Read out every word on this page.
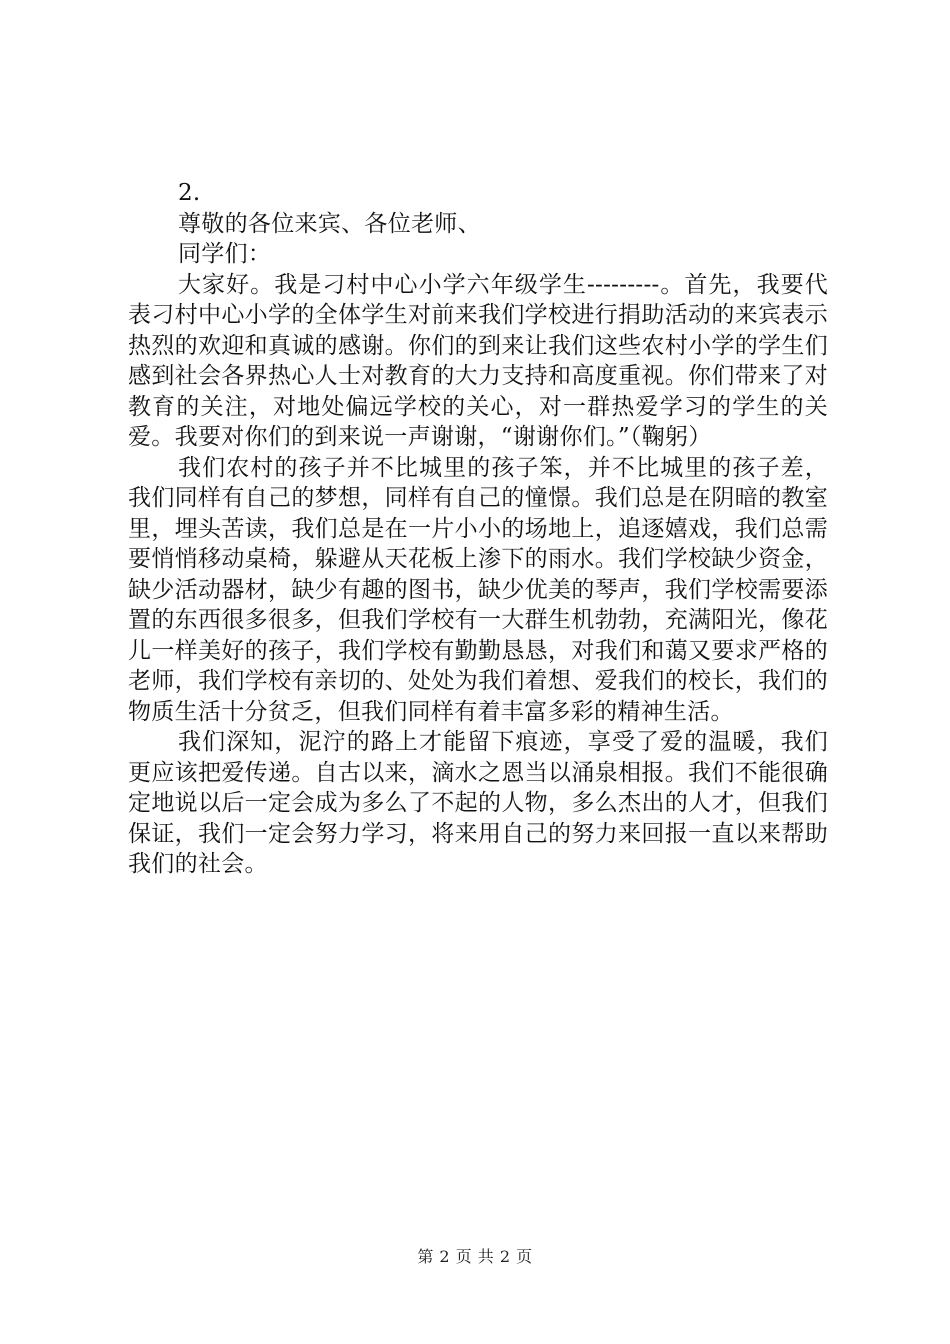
2.

尊敬的各位来宾、各位老师、

同学们：

大家好。我是刁村中心小学六年级学生---------。首先，我要代表刁村中心小学的全体学生对前来我们学校进行捐助活动的来宾表示热烈的欢迎和真诚的感谢。你们的到来让我们这些农村小学的学生们感到社会各界热心人士对教育的大力支持和高度重视。你们带来了对教育的关注，对地处偏远学校的关心，对一群热爱学习的学生的关爱。我要对你们的到来说一声谢谢，“谢谢你们。”（鞠躬）

我们农村的孩子并不比城里的孩子笨，并不比城里的孩子差，我们同样有自己的梦想，同样有自己的憧憬。我们总是在阴暗的教室里，埋头苦读，我们总是在一片小小的场地上，追逐嬉戏，我们总需要悄悄移动桌椅，躲避从天花板上渗下的雨水。我们学校缺少资金，缺少活动器材，缺少有趣的图书，缺少优美的琴声，我们学校需要添置的东西很多很多，但我们学校有一大群生机勃勃，充满阳光，像花儿一样美好的孩子，我们学校有勤勤恳恳，对我们和蔼又要求严格的老师，我们学校有亲切的、处处为我们着想、爱我们的校长，我们的物质生活十分贫乏，但我们同样有着丰富多彩的精神生活。

我们深知，泥泞的路上才能留下痕迹，享受了爱的温暖，我们更应该把爱传递。自古以来，滴水之恩当以涌泉相报。我们不能很确定地说以后一定会成为多么了不起的人物，多么杰出的人才，但我们保证，我们一定会努力学习，将来用自己的努力来回报一直以来帮助我们的社会。

第 2 页 共 2 页
